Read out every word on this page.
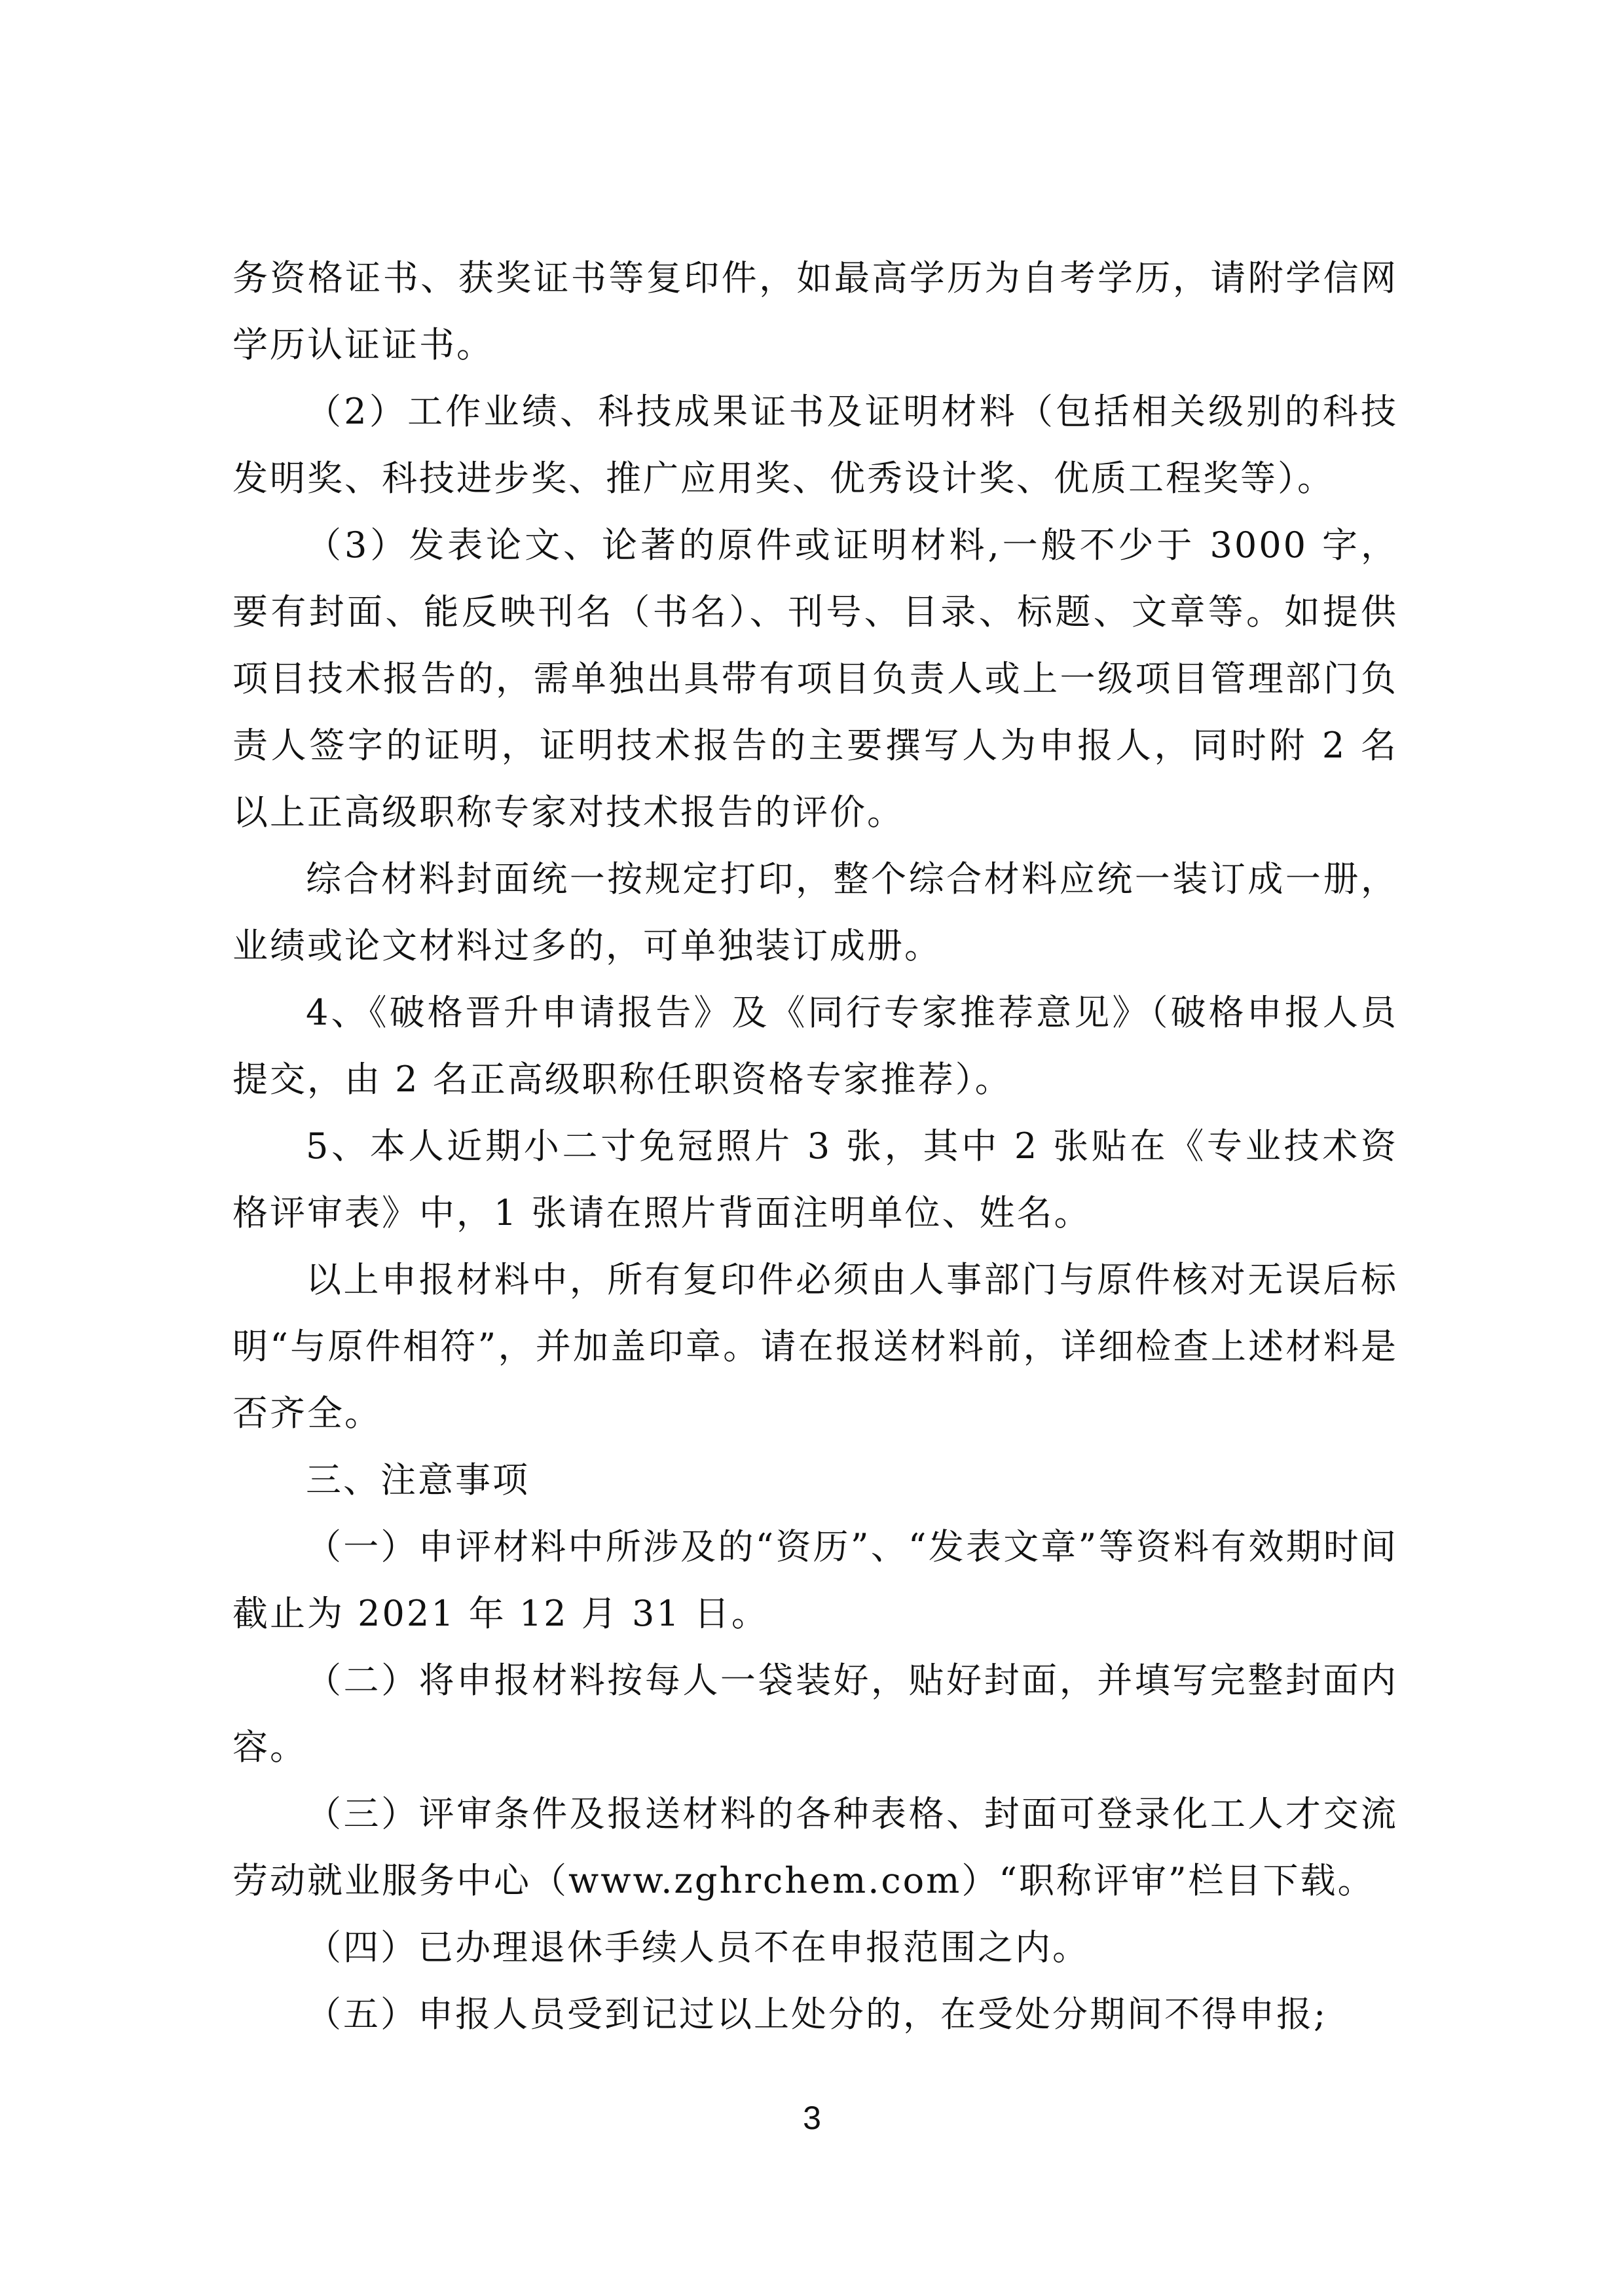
务资格证书、获奖证书等复印件，如最高学历为自考学历，请附学信网学历认证证书。

（2）工作业绩、科技成果证书及证明材料（包括相关级别的科技发明奖、科技进步奖、推广应用奖、优秀设计奖、优质工程奖等）。

（3）发表论文、论著的原件或证明材料,一般不少于 3000 字，要有封面、能反映刊名（书名）、刊号、目录、标题、文章等。如提供项目技术报告的，需单独出具带有项目负责人或上一级项目管理部门负责人签字的证明，证明技术报告的主要撰写人为申报人，同时附 2 名以上正高级职称专家对技术报告的评价。

综合材料封面统一按规定打印，整个综合材料应统一装订成一册，业绩或论文材料过多的，可单独装订成册。

4、《破格晋升申请报告》及《同行专家推荐意见》（破格申报人员提交，由 2 名正高级职称任职资格专家推荐）。

5、本人近期小二寸免冠照片 3 张，其中 2 张贴在《专业技术资格评审表》中，1 张请在照片背面注明单位、姓名。

以上申报材料中，所有复印件必须由人事部门与原件核对无误后标明“与原件相符”，并加盖印章。请在报送材料前，详细检查上述材料是否齐全。

三、注意事项

（一）申评材料中所涉及的“资历”、“发表文章”等资料有效期时间截止为 2021 年 12 月 31 日。

（二）将申报材料按每人一袋装好，贴好封面，并填写完整封面内容。

（三）评审条件及报送材料的各种表格、封面可登录化工人才交流劳动就业服务中心（www.zghrchem.com）“职称评审”栏目下载。

（四）已办理退休手续人员不在申报范围之内。

（五）申报人员受到记过以上处分的，在受处分期间不得申报;

3
